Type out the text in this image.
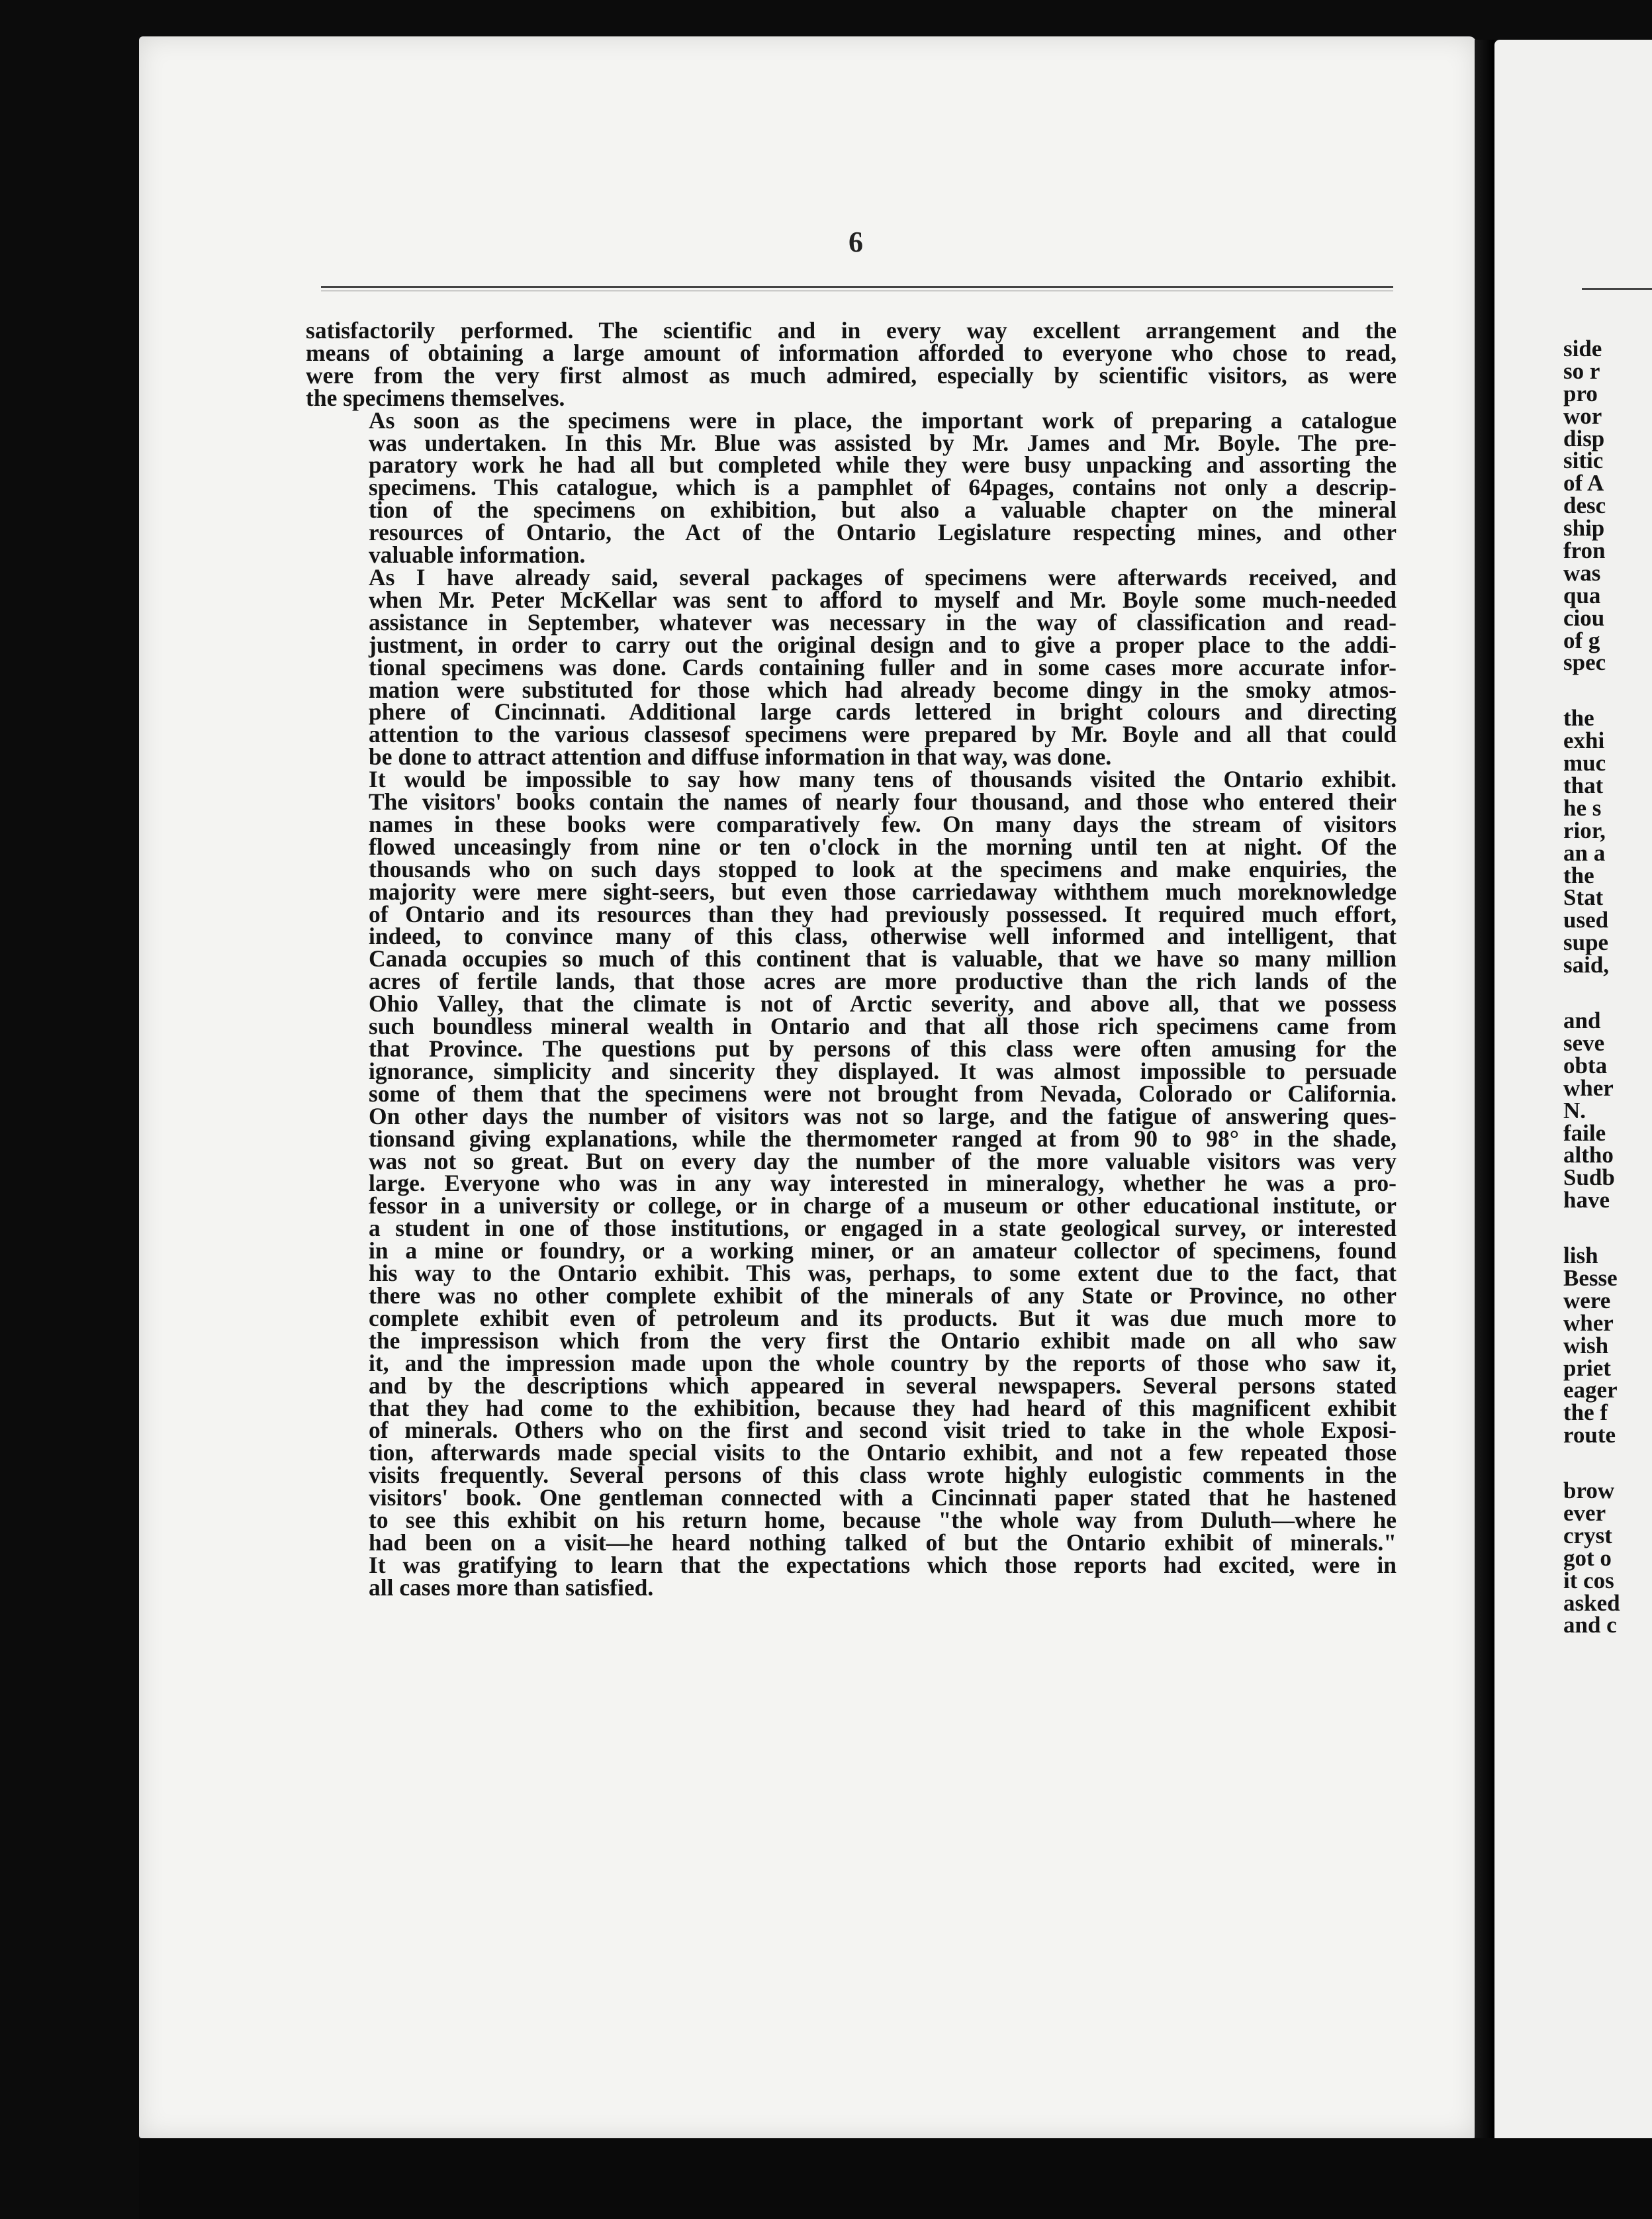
6

satisfactorily performed. The scientific and in every way excellent arrangement and the
means of obtaining a large amount of information afforded to everyone who chose to read,
were from the very first almost as much admired, especially by scientific visitors, as were
the specimens themselves.

As soon as the specimens were in place, the important work of preparing a catalogue
was undertaken. In this Mr. Blue was assisted by Mr. James and Mr. Boyle. The pre-
paratory work he had all but completed while they were busy unpacking and assorting the
specimens. This catalogue, which is a pamphlet of 64pages, contains not only a descrip-
tion of the specimens on exhibition, but also a valuable chapter on the mineral
resources of Ontario, the Act of the Ontario Legislature respecting mines, and other
valuable information.

As I have already said, several packages of specimens were afterwards received, and
when Mr. Peter McKellar was sent to afford to myself and Mr. Boyle some much-needed
assistance in September, whatever was necessary in the way of classification and read-
justment, in order to carry out the original design and to give a proper place to the addi-
tional specimens was done. Cards containing fuller and in some cases more accurate infor-
mation were substituted for those which had already become dingy in the smoky atmos-
phere of Cincinnati. Additional large cards lettered in bright colours and directing
attention to the various classesof specimens were prepared by Mr. Boyle and all that could
be done to attract attention and diffuse information in that way, was done.

It would be impossible to say how many tens of thousands visited the Ontario exhibit.
The visitors' books contain the names of nearly four thousand, and those who entered their
names in these books were comparatively few. On many days the stream of visitors
flowed unceasingly from nine or ten o'clock in the morning until ten at night. Of the
thousands who on such days stopped to look at the specimens and make enquiries, the
majority were mere sight-seers, but even those carriedaway withthem much moreknowledge
of Ontario and its resources than they had previously possessed. It required much effort,
indeed, to convince many of this class, otherwise well informed and intelligent, that
Canada occupies so much of this continent that is valuable, that we have so many million
acres of fertile lands, that those acres are more productive than the rich lands of the
Ohio Valley, that the climate is not of Arctic severity, and above all, that we possess
such boundless mineral wealth in Ontario and that all those rich specimens came from
that Province. The questions put by persons of this class were often amusing for the
ignorance, simplicity and sincerity they displayed. It was almost impossible to persuade
some of them that the specimens were not brought from Nevada, Colorado or California.
On other days the number of visitors was not so large, and the fatigue of answering ques-
tionsand giving explanations, while the thermometer ranged at from 90 to 98° in the shade,
was not so great. But on every day the number of the more valuable visitors was very
large. Everyone who was in any way interested in mineralogy, whether he was a pro-
fessor in a university or college, or in charge of a museum or other educational institute, or
a student in one of those institutions, or engaged in a state geological survey, or interested
in a mine or foundry, or a working miner, or an amateur collector of specimens, found
his way to the Ontario exhibit. This was, perhaps, to some extent due to the fact, that
there was no other complete exhibit of the minerals of any State or Province, no other
complete exhibit even of petroleum and its products. But it was due much more to
the impressison which from the very first the Ontario exhibit made on all who saw
it, and the impression made upon the whole country by the reports of those who saw it,
and by the descriptions which appeared in several newspapers. Several persons stated
that they had come to the exhibition, because they had heard of this magnificent exhibit
of minerals. Others who on the first and second visit tried to take in the whole Exposi-
tion, afterwards made special visits to the Ontario exhibit, and not a few repeated those
visits frequently. Several persons of this class wrote highly eulogistic comments in the
visitors' book. One gentleman connected with a Cincinnati paper stated that he hastened
to see this exhibit on his return home, because "the whole way from Duluth—where he
had been on a visit—he heard nothing talked of but the Ontario exhibit of minerals."
It was gratifying to learn that the expectations which those reports had excited, were in
all cases more than satisfied.

side
so r
pro
wor
disp
sitic
of A
desc
ship
fron
was
qua
ciou
of g
spec
the
exhi
muc
that
he s
rior,
an a
the
Stat
used
supe
said,
and
seve
obta
wher
N.
faile
altho
Sudb
have
lish
Besse
were
wher
wish
priet
eager
the f
route
brow
ever
cryst
got o
it cos
asked
and c
